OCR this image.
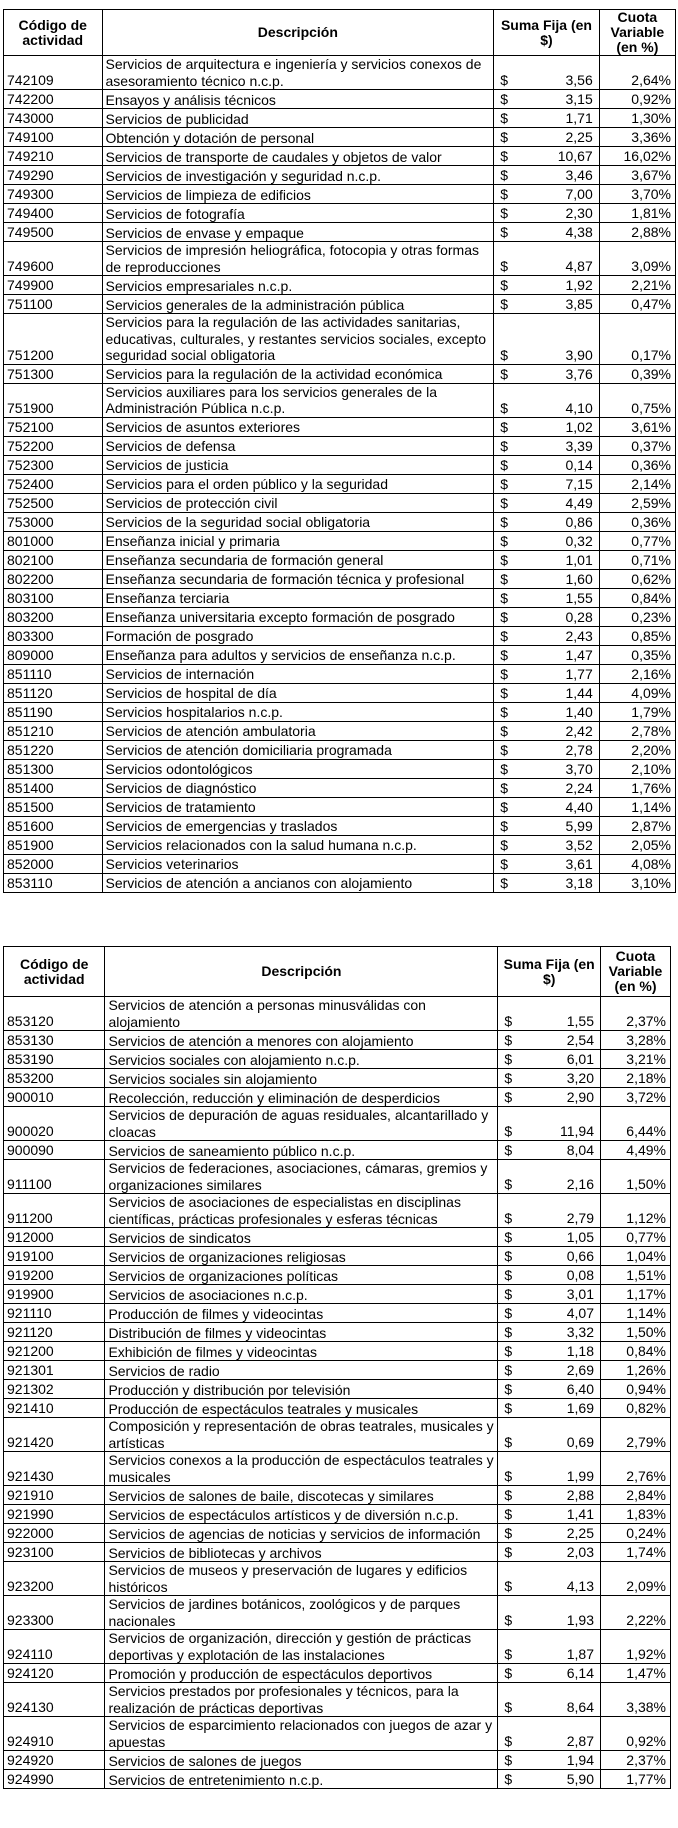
Código de actividad	Descripción	Suma Fija (en $)		Cuota Variable (en %)
742109	Servicios de arquitectura e ingeniería y servicios conexos de asesoramiento técnico n.c.p.	$	3,56	2,64%
742200	Ensayos y análisis técnicos	$	3,15	0,92%
743000	Servicios de publicidad	$	1,71	1,30%
749100	Obtención y dotación de personal	$	2,25	3,36%
749210	Servicios de transporte de caudales y objetos de valor	$	10,67	16,02%
749290	Servicios de investigación y seguridad n.c.p.	$	3,46	3,67%
749300	Servicios de limpieza de edificios	$	7,00	3,70%
749400	Servicios de fotografía	$	2,30	1,81%
749500	Servicios de envase y empaque	$	4,38	2,88%
749600	Servicios de impresión heliográfica, fotocopia y otras formas de reproducciones	$	4,87	3,09%
749900	Servicios empresariales n.c.p.	$	1,92	2,21%
751100	Servicios generales de la administración pública	$	3,85	0,47%
751200	Servicios para la regulación de las actividades sanitarias, educativas, culturales, y restantes servicios sociales, excepto seguridad social obligatoria	$	3,90	0,17%
751300	Servicios para la regulación de la actividad económica	$	3,76	0,39%
751900	Servicios auxiliares para los servicios generales de la Administración Pública n.c.p.	$	4,10	0,75%
752100	Servicios de asuntos exteriores	$	1,02	3,61%
752200	Servicios de defensa	$	3,39	0,37%
752300	Servicios de justicia	$	0,14	0,36%
752400	Servicios para el orden público y la seguridad	$	7,15	2,14%
752500	Servicios de protección civil	$	4,49	2,59%
753000	Servicios de la seguridad social obligatoria	$	0,86	0,36%
801000	Enseñanza inicial y primaria	$	0,32	0,77%
802100	Enseñanza secundaria de formación general	$	1,01	0,71%
802200	Enseñanza secundaria de formación técnica y profesional	$	1,60	0,62%
803100	Enseñanza terciaria	$	1,55	0,84%
803200	Enseñanza universitaria excepto formación de posgrado	$	0,28	0,23%
803300	Formación de posgrado	$	2,43	0,85%
809000	Enseñanza para adultos y servicios de enseñanza n.c.p.	$	1,47	0,35%
851110	Servicios de internación	$	1,77	2,16%
851120	Servicios de hospital de día	$	1,44	4,09%
851190	Servicios hospitalarios n.c.p.	$	1,40	1,79%
851210	Servicios de atención ambulatoria	$	2,42	2,78%
851220	Servicios de atención domiciliaria programada	$	2,78	2,20%
851300	Servicios odontológicos	$	3,70	2,10%
851400	Servicios de diagnóstico	$	2,24	1,76%
851500	Servicios de tratamiento	$	4,40	1,14%
851600	Servicios de emergencias y traslados	$	5,99	2,87%
851900	Servicios relacionados con la salud humana n.c.p.	$	3,52	2,05%
852000	Servicios veterinarios	$	3,61	4,08%
853110	Servicios de atención a ancianos con alojamiento	$	3,18	3,10%
Código de actividad	Descripción	Suma Fija (en $)		Cuota Variable (en %)
853120	Servicios de atención a personas minusválidas con alojamiento	$	1,55	2,37%
853130	Servicios de atención a menores con alojamiento	$	2,54	3,28%
853190	Servicios sociales con alojamiento n.c.p.	$	6,01	3,21%
853200	Servicios sociales sin alojamiento	$	3,20	2,18%
900010	Recolección, reducción y eliminación de desperdicios	$	2,90	3,72%
900020	Servicios de depuración de aguas residuales, alcantarillado y cloacas	$	11,94	6,44%
900090	Servicios de saneamiento público n.c.p.	$	8,04	4,49%
911100	Servicios de federaciones, asociaciones, cámaras, gremios y organizaciones similares	$	2,16	1,50%
911200	Servicios de asociaciones de especialistas en disciplinas científicas, prácticas profesionales y esferas técnicas	$	2,79	1,12%
912000	Servicios de sindicatos	$	1,05	0,77%
919100	Servicios de organizaciones religiosas	$	0,66	1,04%
919200	Servicios de organizaciones políticas	$	0,08	1,51%
919900	Servicios de asociaciones n.c.p.	$	3,01	1,17%
921110	Producción de filmes y videocintas	$	4,07	1,14%
921120	Distribución de filmes y videocintas	$	3,32	1,50%
921200	Exhibición de filmes y videocintas	$	1,18	0,84%
921301	Servicios de radio	$	2,69	1,26%
921302	Producción y distribución por televisión	$	6,40	0,94%
921410	Producción de espectáculos teatrales y musicales	$	1,69	0,82%
921420	Composición y representación de obras teatrales, musicales y artísticas	$	0,69	2,79%
921430	Servicios conexos a la producción de espectáculos teatrales y musicales	$	1,99	2,76%
921910	Servicios de salones de baile, discotecas y similares	$	2,88	2,84%
921990	Servicios de espectáculos artísticos y de diversión n.c.p.	$	1,41	1,83%
922000	Servicios de agencias de noticias y servicios de información	$	2,25	0,24%
923100	Servicios de bibliotecas y archivos	$	2,03	1,74%
923200	Servicios de museos y preservación de lugares y edificios históricos	$	4,13	2,09%
923300	Servicios de jardines botánicos, zoológicos y de parques nacionales	$	1,93	2,22%
924110	Servicios de organización, dirección y gestión de prácticas deportivas y explotación de las instalaciones	$	1,87	1,92%
924120	Promoción y producción de espectáculos deportivos	$	6,14	1,47%
924130	Servicios prestados por profesionales y técnicos, para la realización de prácticas deportivas	$	8,64	3,38%
924910	Servicios de esparcimiento relacionados con juegos de azar y apuestas	$	2,87	0,92%
924920	Servicios de salones de juegos	$	1,94	2,37%
924990	Servicios de entretenimiento n.c.p.	$	5,90	1,77%
